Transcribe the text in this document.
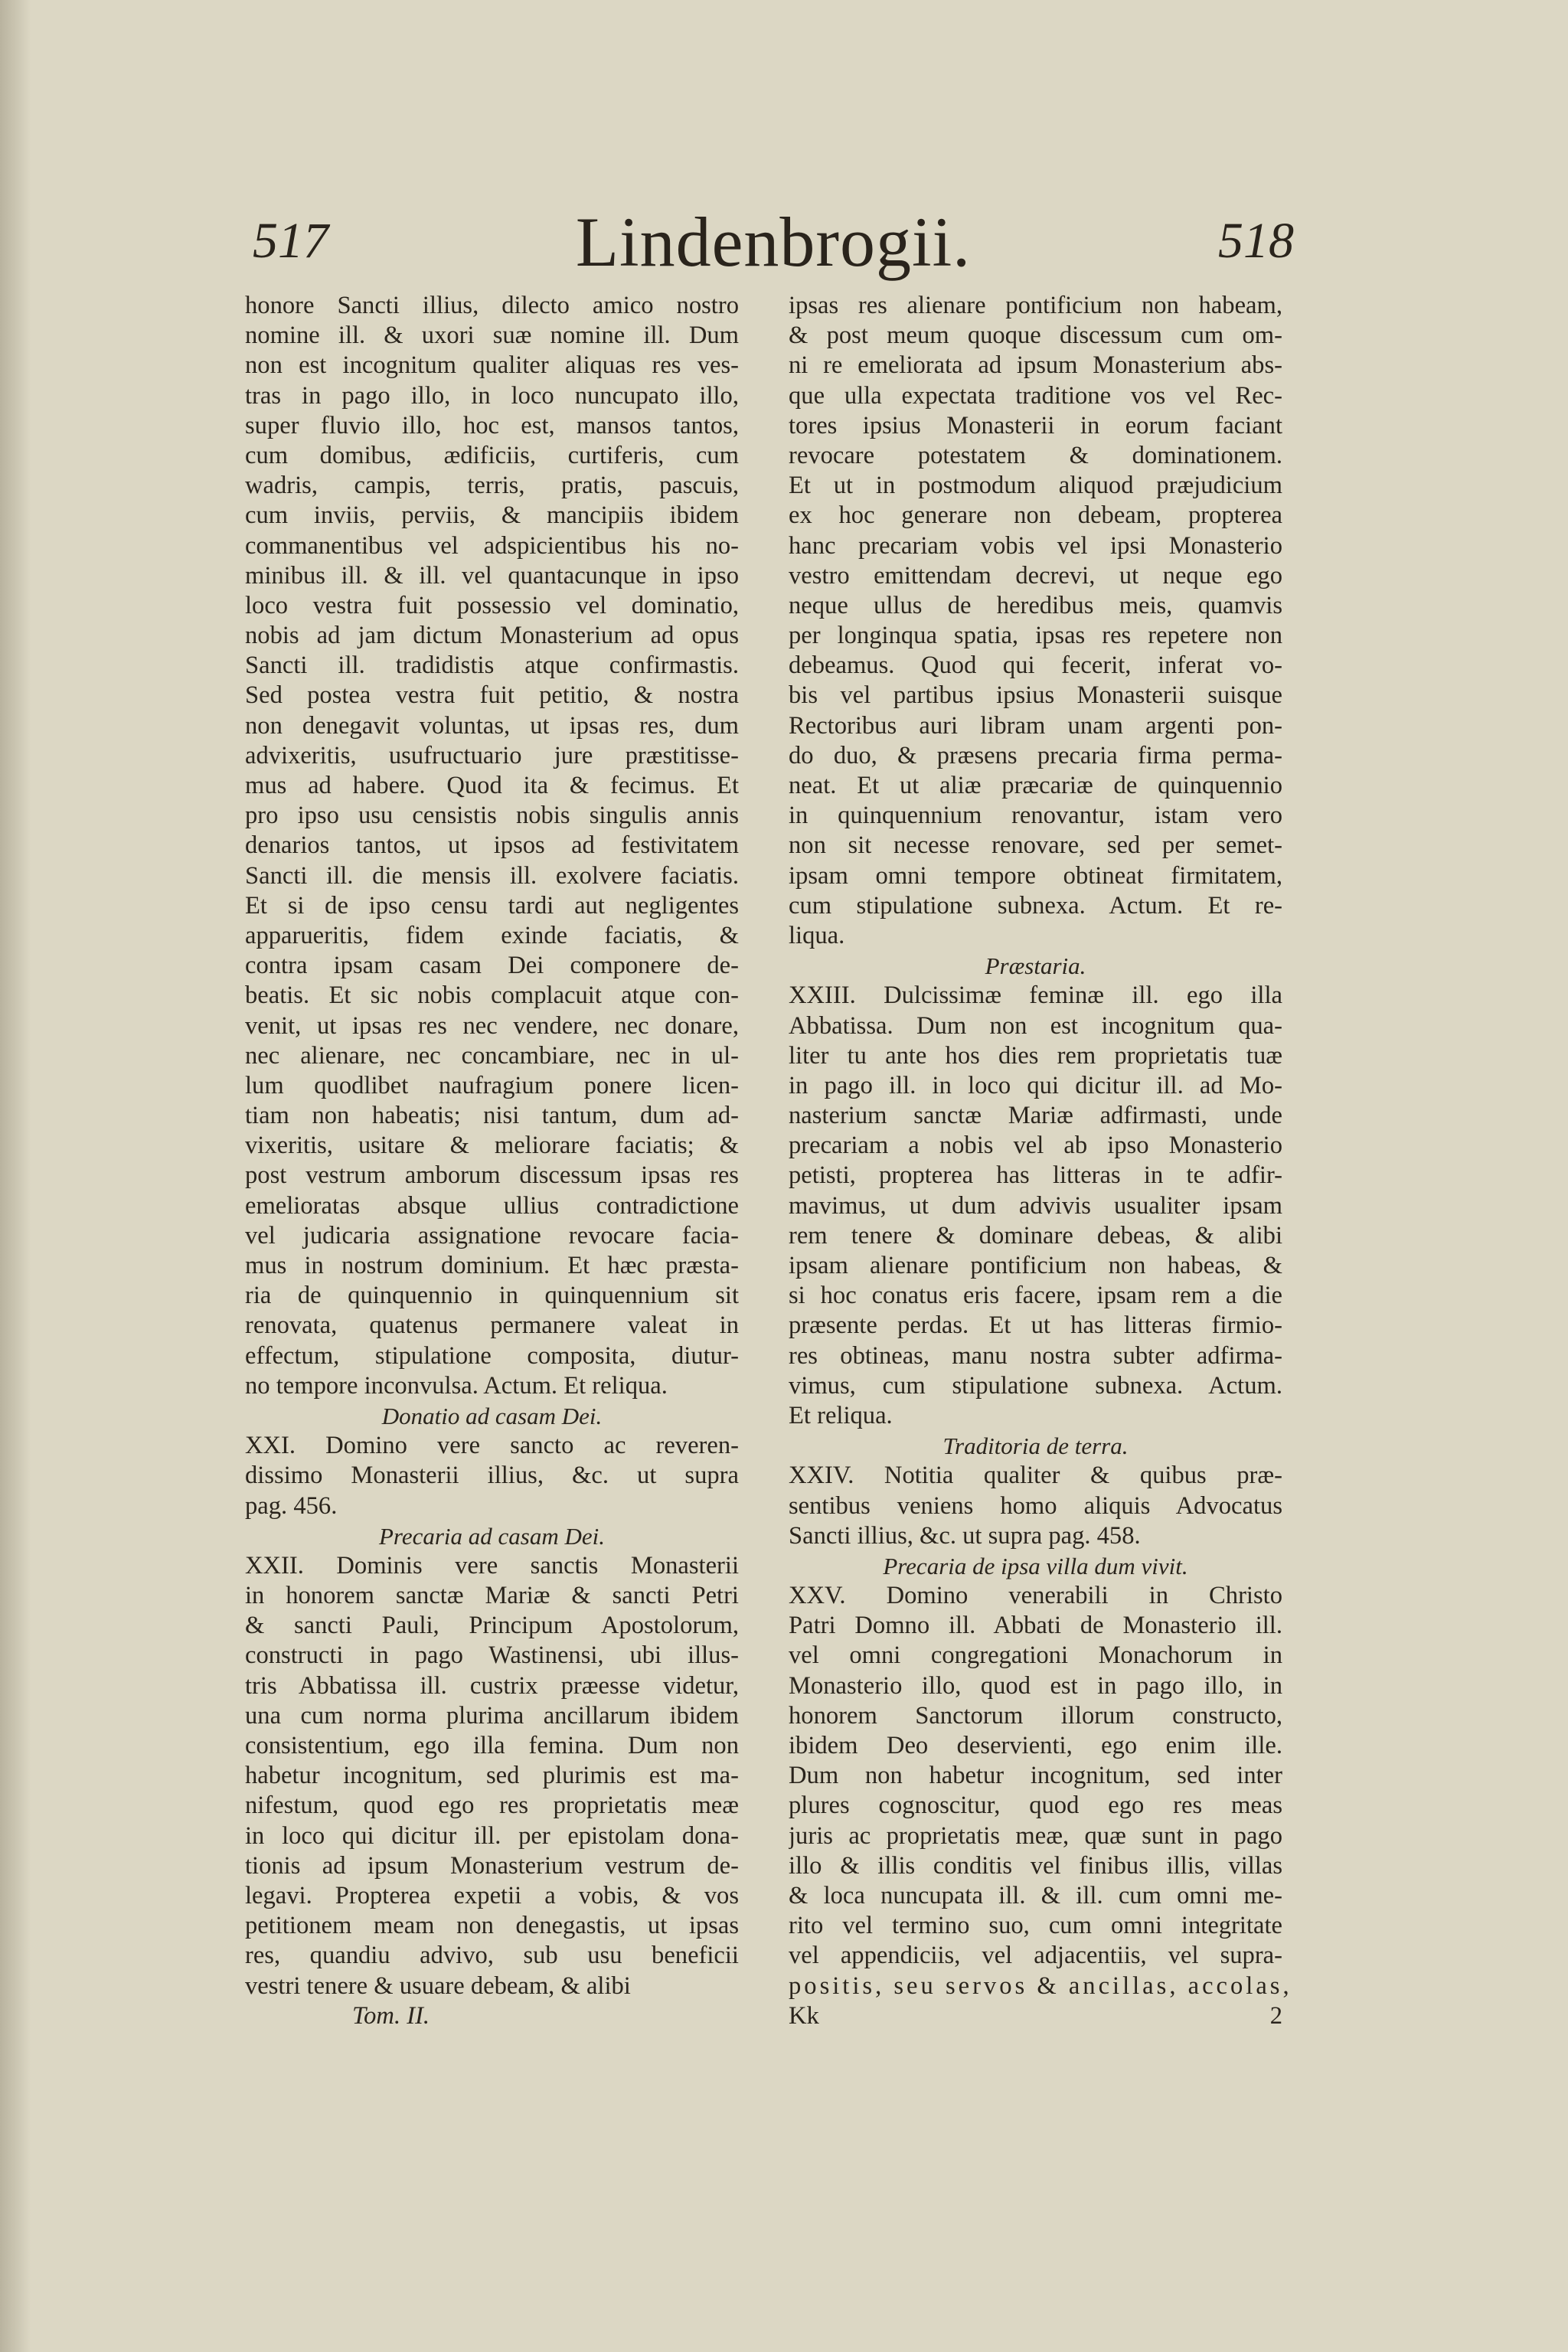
517	Lindenbrogii.	518
honore Sancti illius, dilecto amico nostro
nomine ill. & uxori suæ nomine ill. Dum
non est incognitum qualiter aliquas res ves-
tras in pago illo, in loco nuncupato illo,
super fluvio illo, hoc est, mansos tantos,
cum domibus, ædificiis, curtiferis, cum
wadris, campis, terris, pratis, pascuis,
cum inviis, perviis, & mancipiis ibidem
commanentibus vel adspicientibus his no-
minibus ill. & ill. vel quantacunque in ipso
loco vestra fuit possessio vel dominatio,
nobis ad jam dictum Monasterium ad opus
Sancti ill. tradidistis atque confirmastis.
Sed postea vestra fuit petitio, & nostra
non denegavit voluntas, ut ipsas res, dum
advixeritis, usufructuario jure præstitisse-
mus ad habere. Quod ita & fecimus. Et
pro ipso usu censistis nobis singulis annis
denarios tantos, ut ipsos ad festivitatem
Sancti ill. die mensis ill. exolvere faciatis.
Et si de ipso censu tardi aut negligentes
apparueritis, fidem exinde faciatis, &
contra ipsam casam Dei componere de-
beatis. Et sic nobis complacuit atque con-
venit, ut ipsas res nec vendere, nec donare,
nec alienare, nec concambiare, nec in ul-
lum quodlibet naufragium ponere licen-
tiam non habeatis; nisi tantum, dum ad-
vixeritis, usitare & meliorare faciatis; &
post vestrum amborum discessum ipsas res
emelioratas absque ullius contradictione
vel judicaria assignatione revocare facia-
mus in nostrum dominium. Et hæc præsta-
ria de quinquennio in quinquennium sit
renovata, quatenus permanere valeat in
effectum, stipulatione composita, diutur-
no tempore inconvulsa. Actum. Et reliqua.
Donatio ad casam Dei.
XXI. Domino vere sancto ac reveren-
dissimo Monasterii illius, &c. ut supra
pag. 456.
Precaria ad casam Dei.
XXII. Dominis vere sanctis Monasterii
in honorem sanctæ Mariæ & sancti Petri
& sancti Pauli, Principum Apostolorum,
constructi in pago Wastinensi, ubi illus-
tris Abbatissa ill. custrix præesse videtur,
una cum norma plurima ancillarum ibidem
consistentium, ego illa femina. Dum non
habetur incognitum, sed plurimis est ma-
nifestum, quod ego res proprietatis meæ
in loco qui dicitur ill. per epistolam dona-
tionis ad ipsum Monasterium vestrum de-
legavi. Propterea expetii a vobis, & vos
petitionem meam non denegastis, ut ipsas
res, quandiu advivo, sub usu beneficii
vestri tenere & usuare debeam, & alibi
Tom. II.
ipsas res alienare pontificium non habeam,
& post meum quoque discessum cum om-
ni re emeliorata ad ipsum Monasterium abs-
que ulla expectata traditione vos vel Rec-
tores ipsius Monasterii in eorum faciant
revocare potestatem & dominationem.
Et ut in postmodum aliquod præjudicium
ex hoc generare non debeam, propterea
hanc precariam vobis vel ipsi Monasterio
vestro emittendam decrevi, ut neque ego
neque ullus de heredibus meis, quamvis
per longinqua spatia, ipsas res repetere non
debeamus. Quod qui fecerit, inferat vo-
bis vel partibus ipsius Monasterii suisque
Rectoribus auri libram unam argenti pon-
do duo, & præsens precaria firma perma-
neat. Et ut aliæ præcariæ de quinquennio
in quinquennium renovantur, istam vero
non sit necesse renovare, sed per semet-
ipsam omni tempore obtineat firmitatem,
cum stipulatione subnexa. Actum. Et re-
liqua.
Præstaria.
XXIII. Dulcissimæ feminæ ill. ego illa
Abbatissa. Dum non est incognitum qua-
liter tu ante hos dies rem proprietatis tuæ
in pago ill. in loco qui dicitur ill. ad Mo-
nasterium sanctæ Mariæ adfirmasti, unde
precariam a nobis vel ab ipso Monasterio
petisti, propterea has litteras in te adfir-
mavimus, ut dum advivis usualiter ipsam
rem tenere & dominare debeas, & alibi
ipsam alienare pontificium non habeas, &
si hoc conatus eris facere, ipsam rem a die
præsente perdas. Et ut has litteras firmio-
res obtineas, manu nostra subter adfirma-
vimus, cum stipulatione subnexa. Actum.
Et reliqua.
Traditoria de terra.
XXIV. Notitia qualiter & quibus præ-
sentibus veniens homo aliquis Advocatus
Sancti illius, &c. ut supra pag. 458.
Precaria de ipsa villa dum vivit.
XXV. Domino venerabili in Christo
Patri Domno ill. Abbati de Monasterio ill.
vel omni congregationi Monachorum in
Monasterio illo, quod est in pago illo, in
honorem Sanctorum illorum constructo,
ibidem Deo deservienti, ego enim ille.
Dum non habetur incognitum, sed inter
plures cognoscitur, quod ego res meas
juris ac proprietatis meæ, quæ sunt in pago
illo & illis conditis vel finibus illis, villas
& loca nuncupata ill. & ill. cum omni me-
rito vel termino suo, cum omni integritate
vel appendiciis, vel adjacentiis, vel supra-
positis, seu servos & ancillas, accolas,
Kk 2
